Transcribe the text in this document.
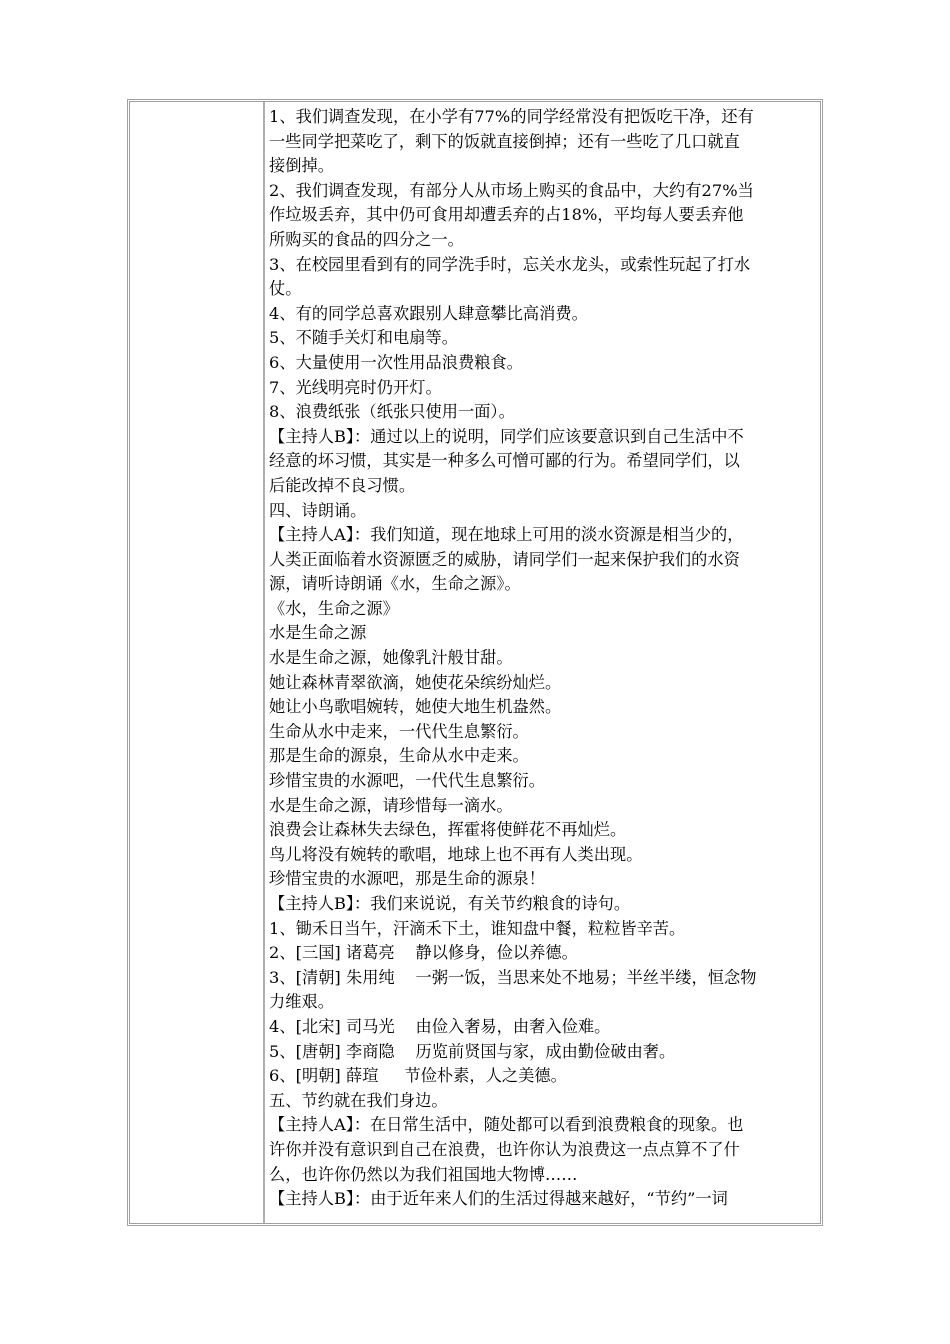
1、我们调查发现，在小学有77%的同学经常没有把饭吃干净，还有
一些同学把菜吃了，剩下的饭就直接倒掉；还有一些吃了几口就直
接倒掉。
2、我们调查发现，有部分人从市场上购买的食品中，大约有27%当
作垃圾丢弃，其中仍可食用却遭丢弃的占18%，平均每人要丢弃他
所购买的食品的四分之一。
3、在校园里看到有的同学洗手时，忘关水龙头，或索性玩起了打水
仗。
4、有的同学总喜欢跟别人肆意攀比高消费。
5、不随手关灯和电扇等。
6、大量使用一次性用品浪费粮食。
7、光线明亮时仍开灯。
8、浪费纸张（纸张只使用一面）。
【主持人B】：通过以上的说明，同学们应该要意识到自己生活中不
经意的坏习惯，其实是一种多么可憎可鄙的行为。希望同学们，以
后能改掉不良习惯。
四、诗朗诵。
【主持人A】：我们知道，现在地球上可用的淡水资源是相当少的，
人类正面临着水资源匮乏的威胁，请同学们一起来保护我们的水资
源，请听诗朗诵《水，生命之源》。
《水，生命之源》
水是生命之源
水是生命之源，她像乳汁般甘甜。
她让森林青翠欲滴，她使花朵缤纷灿烂。
她让小鸟歌唱婉转，她使大地生机盎然。
生命从水中走来，一代代生息繁衍。
那是生命的源泉，生命从水中走来。
珍惜宝贵的水源吧，一代代生息繁衍。
水是生命之源，请珍惜每一滴水。
浪费会让森林失去绿色，挥霍将使鲜花不再灿烂。
鸟儿将没有婉转的歌唱，地球上也不再有人类出现。
珍惜宝贵的水源吧，那是生命的源泉！
【主持人B】：我们来说说，有关节约粮食的诗句。
1、锄禾日当午，汗滴禾下土，谁知盘中餐，粒粒皆辛苦。
2、[三国] 诸葛亮    静以修身，俭以养德。
3、[清朝] 朱用纯    一粥一饭，当思来处不地易；半丝半缕，恒念物
力维艰。
4、[北宋] 司马光    由俭入奢易，由奢入俭难。
5、[唐朝] 李商隐    历览前贤国与家，成由勤俭破由奢。
6、[明朝] 薛瑄     节俭朴素，人之美德。
五、节约就在我们身边。
【主持人A】：在日常生活中，随处都可以看到浪费粮食的现象。也
许你并没有意识到自己在浪费，也许你认为浪费这一点点算不了什
么，也许你仍然以为我们祖国地大物博……
【主持人B】：由于近年来人们的生活过得越来越好，“节约”一词
